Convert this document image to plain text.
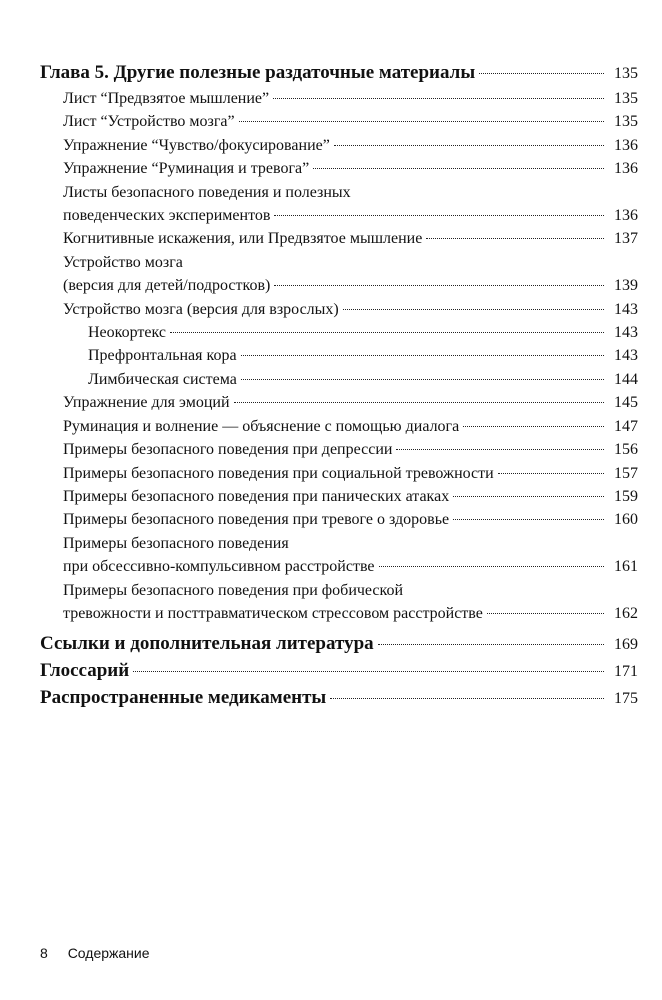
Глава 5. Другие полезные раздаточные материалы	135
Лист “Предвзятое мышление”	135
Лист “Устройство мозга”	135
Упражнение “Чувство/фокусирование”	136
Упражнение “Руминация и тревога”	136
Листы безопасного поведения и полезных
поведенческих экспериментов	136
Когнитивные искажения, или Предвзятое мышление	137
Устройство мозга
(версия для детей/подростков)	139
Устройство мозга (версия для взрослых)	143
Неокортекс	143
Префронтальная кора	143
Лимбическая система	144
Упражнение для эмоций	145
Руминация и волнение — объяснение с помощью диалога	147
Примеры безопасного поведения при депрессии	156
Примеры безопасного поведения при социальной тревожности	157
Примеры безопасного поведения при панических атаках	159
Примеры безопасного поведения при тревоге о здоровье	160
Примеры безопасного поведения
при обсессивно-компульсивном расстройстве	161
Примеры безопасного поведения при фобической
тревожности и посттравматическом стрессовом расстройстве	162
Ссылки и дополнительная литература	169
Глоссарий	171
Распространенные медикаменты	175
8 Содержание
